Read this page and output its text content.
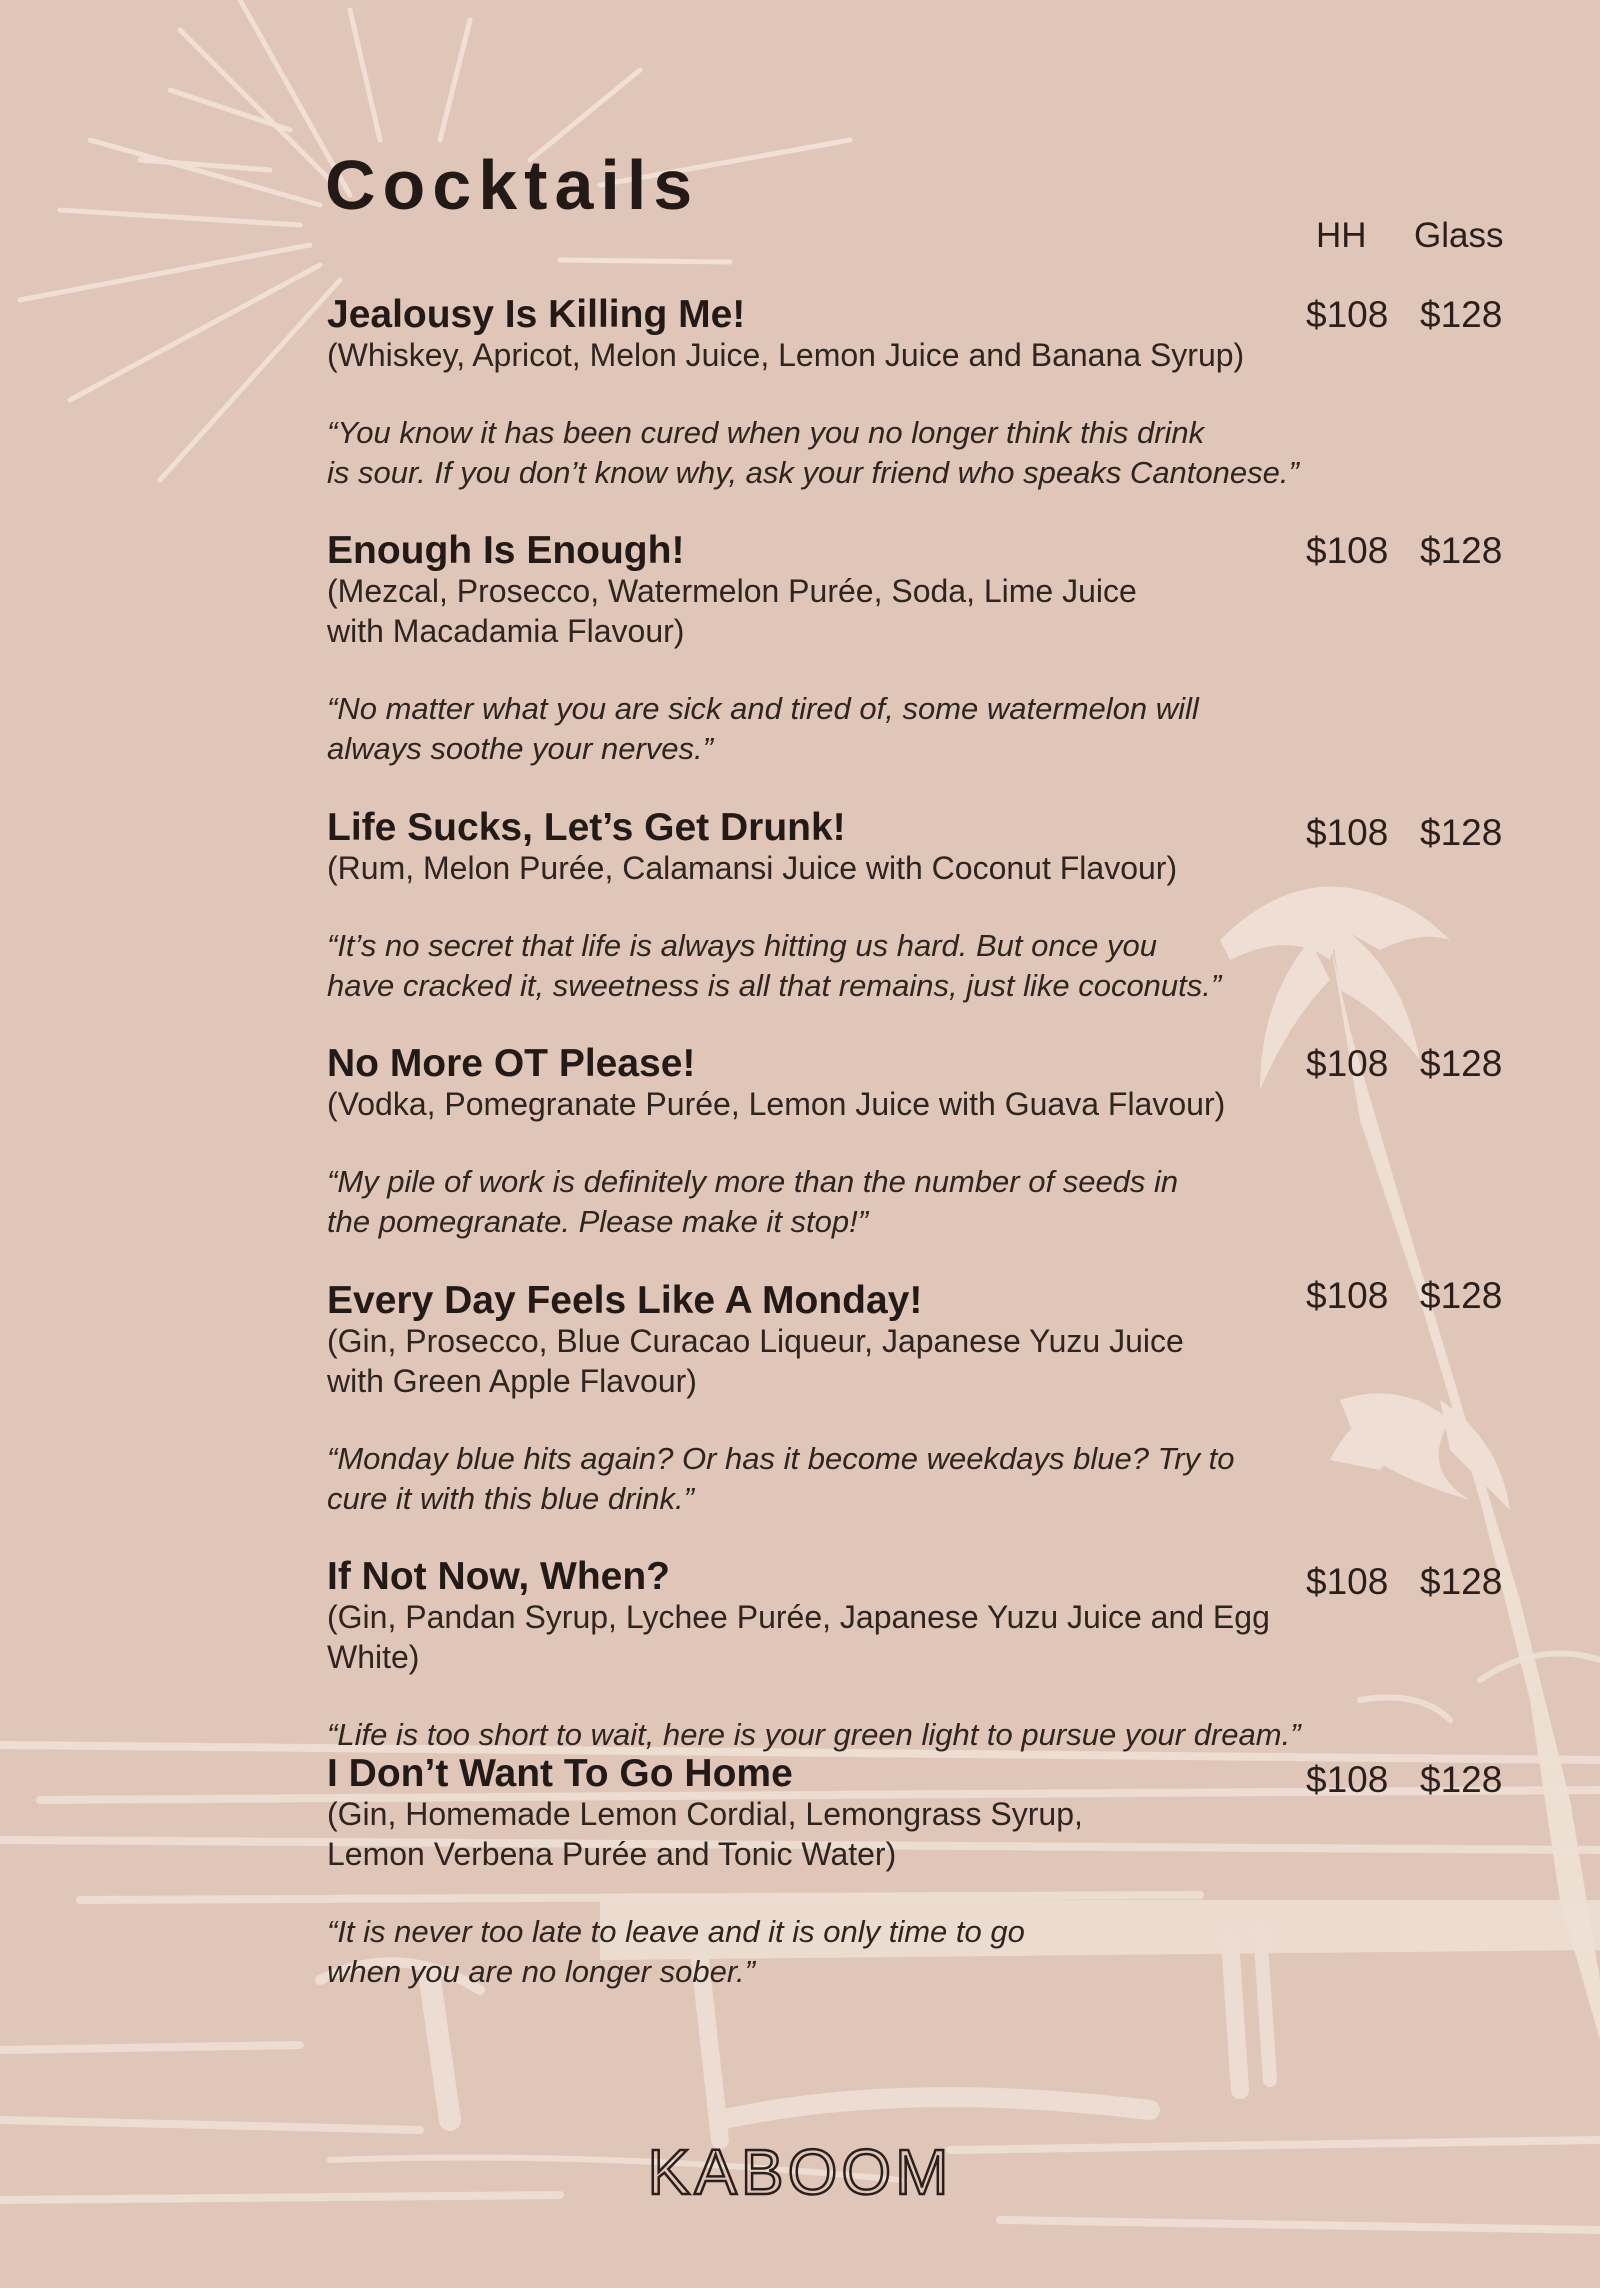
Cocktails
HH Glass

Jealousy Is Killing Me!

(Whiskey, Apricot, Melon Juice, Lemon Juice and Banana Syrup)

“You know it has been cured when you no longer think this drink
is sour. If you don’t know why, ask your friend who speaks Cantonese.”

$108 $128

Enough Is Enough!

(Mezcal, Prosecco, Watermelon Purée, Soda, Lime Juice
with Macadamia Flavour)

“No matter what you are sick and tired of, some watermelon will
always soothe your nerves.”

$108 $128

Life Sucks, Let’s Get Drunk!

(Rum, Melon Purée, Calamansi Juice with Coconut Flavour)

“It’s no secret that life is always hitting us hard. But once you
have cracked it, sweetness is all that remains, just like coconuts.”

$108 $128

No More OT Please!

(Vodka, Pomegranate Purée, Lemon Juice with Guava Flavour)

“My pile of work is definitely more than the number of seeds in
the pomegranate. Please make it stop!”

$108 $128

Every Day Feels Like A Monday!

(Gin, Prosecco, Blue Curacao Liqueur, Japanese Yuzu Juice
with Green Apple Flavour)

“Monday blue hits again? Or has it become weekdays blue? Try to
cure it with this blue drink.”

$108 $128

If Not Now, When?

(Gin, Pandan Syrup, Lychee Purée, Japanese Yuzu Juice and Egg White)

“Life is too short to wait, here is your green light to pursue your dream.”

$108 $128

I Don’t Want To Go Home

(Gin, Homemade Lemon Cordial, Lemongrass Syrup,
Lemon Verbena Purée and Tonic Water)

“It is never too late to leave and it is only time to go
when you are no longer sober.”

$108 $128
KABOOM
